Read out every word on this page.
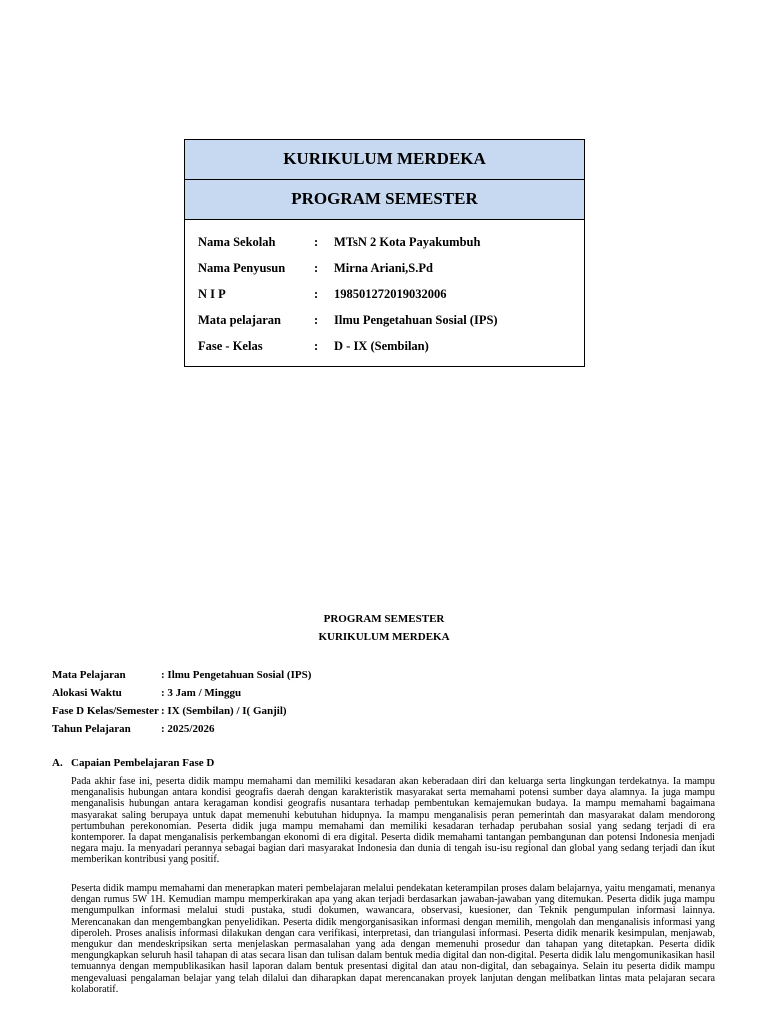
KURIKULUM MERDEKA
PROGRAM SEMESTER
Nama Sekolah	:	MTsN 2 Kota Payakumbuh
Nama Penyusun	:	Mirna Ariani,S.Pd
N I P	:	198501272019032006
Mata pelajaran	:	Ilmu Pengetahuan Sosial (IPS)
Fase - Kelas	:	D - IX (Sembilan)
PROGRAM SEMESTER
KURIKULUM MERDEKA
Mata Pelajaran	: Ilmu Pengetahuan Sosial (IPS)
Alokasi Waktu	: 3 Jam / Minggu
Fase D Kelas/Semester : IX (Sembilan) / I( Ganjil)
Tahun Pelajaran	: 2025/2026
A. Capaian Pembelajaran Fase D

Pada akhir fase ini, peserta didik mampu memahami dan memiliki kesadaran akan keberadaan diri dan keluarga serta lingkungan terdekatnya. Ia mampu menganalisis hubungan antara kondisi geografis daerah dengan karakteristik masyarakat serta memahami potensi sumber daya alamnya. Ia juga mampu menganalisis hubungan antara keragaman kondisi geografis nusantara terhadap pembentukan kemajemukan budaya. Ia mampu memahami bagaimana masyarakat saling berupaya untuk dapat memenuhi kebutuhan hidupnya. Ia mampu menganalisis peran pemerintah dan masyarakat dalam mendorong pertumbuhan perekonomian. Peserta didik juga mampu memahami dan memiliki kesadaran terhadap perubahan sosial yang sedang terjadi di era kontemporer. Ia dapat menganalisis perkembangan ekonomi di era digital. Peserta didik memahami tantangan pembangunan dan potensi Indonesia menjadi negara maju. Ia menyadari perannya sebagai bagian dari masyarakat Indonesia dan dunia di tengah isu-isu regional dan global yang sedang terjadi dan ikut memberikan kontribusi yang positif.

Peserta didik mampu memahami dan menerapkan materi pembelajaran melalui pendekatan keterampilan proses dalam belajarnya, yaitu mengamati, menanya dengan rumus 5W 1H. Kemudian mampu memperkirakan apa yang akan terjadi berdasarkan jawaban-jawaban yang ditemukan. Peserta didik juga mampu mengumpulkan informasi melalui studi pustaka, studi dokumen, wawancara, observasi, kuesioner, dan Teknik pengumpulan informasi lainnya. Merencanakan dan mengembangkan penyelidikan. Peserta didik mengorganisasikan informasi dengan memilih, mengolah dan menganalisis informasi yang diperoleh. Proses analisis informasi dilakukan dengan cara verifikasi, interpretasi, dan triangulasi informasi. Peserta didik menarik kesimpulan, menjawab, mengukur dan mendeskripsikan serta menjelaskan permasalahan yang ada dengan memenuhi prosedur dan tahapan yang ditetapkan. Peserta didik mengungkapkan seluruh hasil tahapan di atas secara lisan dan tulisan dalam bentuk media digital dan non-digital. Peserta didik lalu mengomunikasikan hasil temuannya dengan mempublikasikan hasil laporan dalam bentuk presentasi digital dan atau non-digital, dan sebagainya. Selain itu peserta didik mampu mengevaluasi pengalaman belajar yang telah dilalui dan diharapkan dapat merencanakan proyek lanjutan dengan melibatkan lintas mata pelajaran secara kolaboratif.
